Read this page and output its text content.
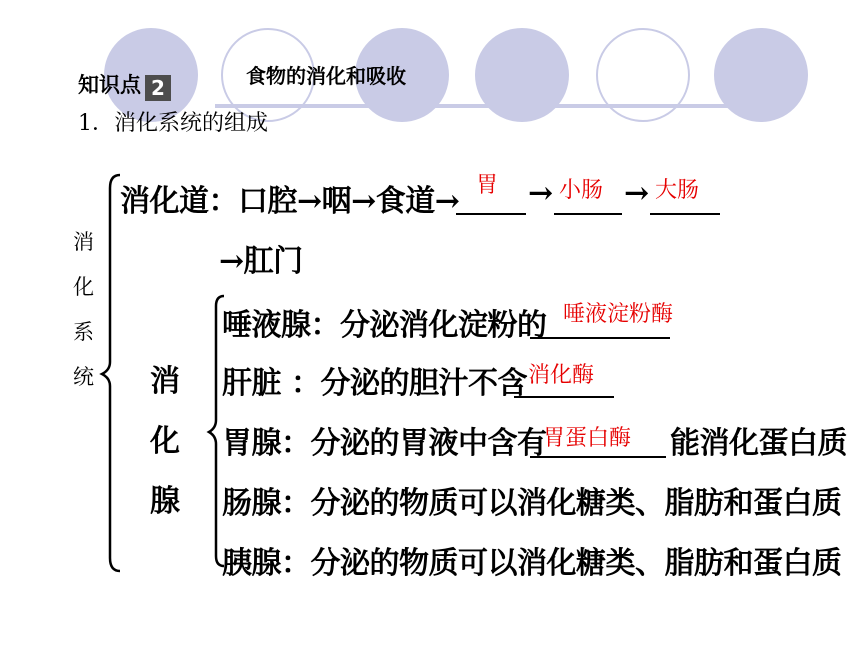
知识点 2	食物的消化和吸收
1．消化系统的组成
消
化
系
统
消化道：口腔→咽→食道→ → →
胃	小肠 大肠
→肛门
消
化
腺
唾液腺：分泌消化淀粉的 唾液淀粉酶
肝脏 ：分泌的胆汁不含 消化酶
胃腺：分泌的胃液中含有
胃蛋白酶 能消化蛋白质
肠腺：分泌的物质可以消化糖类、脂肪和蛋白质
胰腺：分泌的物质可以消化糖类、脂肪和蛋白质
